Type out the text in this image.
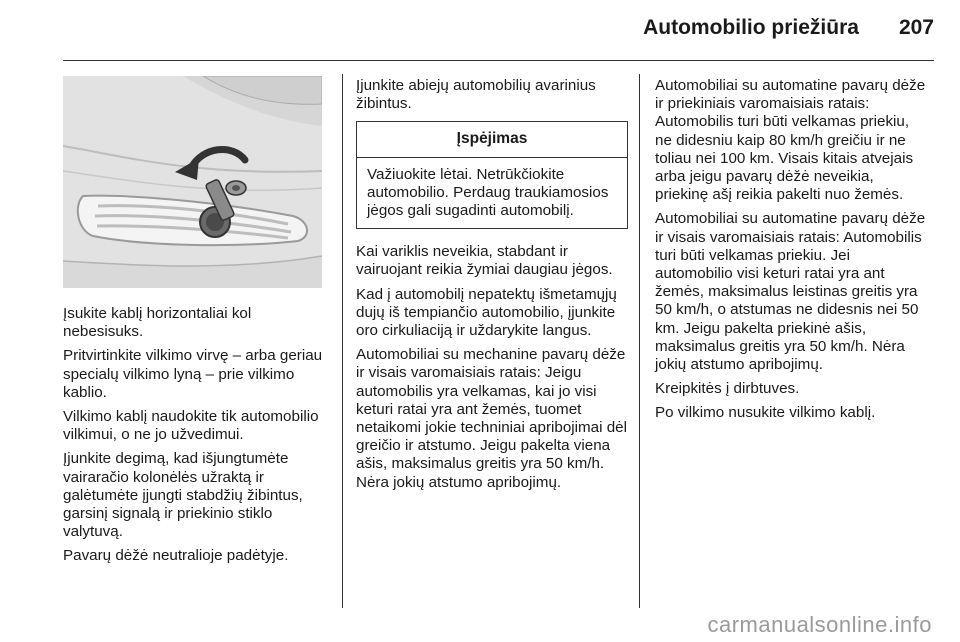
Automobilio priežiūra 207

Įsukite kablį horizontaliai kol nebesisuks.

Pritvirtinkite vilkimo virvę – arba geriau specialų vilkimo lyną – prie vilkimo kablio.

Vilkimo kablį naudokite tik automobilio vilkimui, o ne jo užvedimui.

Įjunkite degimą, kad išjungtumėte vairaračio kolonėlės užraktą ir galėtumėte įjungti stabdžių žibintus, garsinį signalą ir priekinio stiklo valytuvą.

Pavarų dėžė neutralioje padėtyje.

Įjunkite abiejų automobilių avarinius žibintus.

Įspėjimas
Važiuokite lėtai. Netrūkčiokite automobilio. Perdaug traukiamosios jėgos gali sugadinti automobilį.

Kai variklis neveikia, stabdant ir vairuojant reikia žymiai daugiau jėgos.

Kad į automobilį nepatektų išmetamųjų dujų iš tempiančio automobilio, įjunkite oro cirkuliaciją ir uždarykite langus.

Automobiliai su mechanine pavarų dėže ir visais varomaisiais ratais: Jeigu automobilis yra velkamas, kai jo visi keturi ratai yra ant žemės, tuomet netaikomi jokie techniniai apribojimai dėl greičio ir atstumo. Jeigu pakelta viena ašis, maksimalus greitis yra 50 km/h. Nėra jokių atstumo apribojimų.

Automobiliai su automatine pavarų dėže ir priekiniais varomaisiais ratais: Automobilis turi būti velkamas priekiu, ne didesniu kaip 80 km/h greičiu ir ne toliau nei 100 km. Visais kitais atvejais arba jeigu pavarų dėžė neveikia, priekinę ašį reikia pakelti nuo žemės.

Automobiliai su automatine pavarų dėže ir visais varomaisiais ratais: Automobilis turi būti velkamas priekiu. Jei automobilio visi keturi ratai yra ant žemės, maksimalus leistinas greitis yra 50 km/h, o atstumas ne didesnis nei 50 km. Jeigu pakelta priekinė ašis, maksimalus greitis yra 50 km/h. Nėra jokių atstumo apribojimų.

Kreipkitės į dirbtuves.

Po vilkimo nusukite vilkimo kablį.

carmanualsonline.info
